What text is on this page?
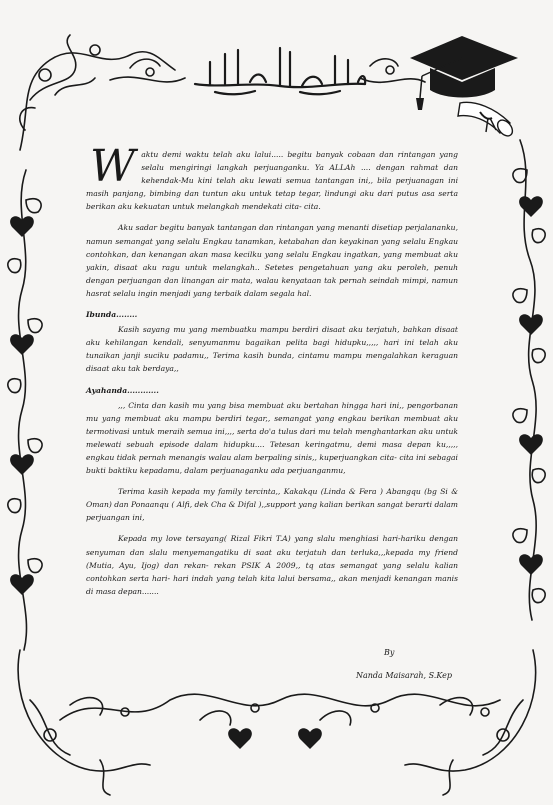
Waktu demi waktu telah aku lalui..... begitu banyak cobaan dan rintangan yang selalu mengiringi langkah perjuanganku. Ya ALLAh .... dengan rahmat dan kehendak-Mu kini telah aku lewati semua tantangan ini,, bila perjuanagan ini masih panjang, bimbing dan tuntun aku untuk tetap tegar, lindungi aku dari putus asa serta berikan aku kekuatan untuk melangkah mendekati cita- cita.

Aku sadar begitu banyak tantangan dan rintangan yang menanti disetiap perjalananku, namun semangat yang selalu Engkau tanamkan, ketabahan dan keyakinan yang selalu Engkau contohkan, dan kenangan akan masa kecilku yang selalu Engkau ingatkan, yang membuat aku yakin, disaat aku ragu untuk melangkah.. Setetes pengetahuan yang aku peroleh, penuh dengan perjuangan dan linangan air mata, walau kenyataan tak pernah seindah mimpi, namun hasrat selalu ingin menjadi yang terbaik dalam segala hal.

Ibunda........

Kasih sayang mu yang membuatku mampu berdiri disaat aku terjatuh, bahkan disaat aku kehilangan kendali, senyumanmu bagaikan pelita bagi hidupku,,,,, hari ini telah aku tunaikan janji suciku padamu,, Terima kasih bunda, cintamu mampu mengalahkan keraguan disaat aku tak berdaya,,

Ayahanda............

,,, Cinta dan kasih mu yang bisa membuat aku bertahan hingga hari ini,, pengorbanan mu yang membuat aku mampu berdiri tegar,, semangat yang engkau berikan membuat aku termotivasi untuk meraih semua ini,,,, serta do'a tulus dari mu telah menghantarkan aku untuk melewati sebuah episode dalam hidupku.... Tetesan keringatmu, demi masa depan ku,,,,, engkau tidak pernah menangis walau alam berpaling sinis,, kuperjuangkan cita- cita ini sebagai bukti baktiku kepadamu, dalam perjuanaganku ada perjuanganmu,

Terima kasih kepada my family tercinta,, Kakakqu (Linda & Fera ) Abangqu (bg Si & Oman) dan Ponaanqu ( Alfi, dek Cha & Difal ),,support yang kalian berikan sangat berarti dalam perjuangan ini,

Kepada my love tersayang( Rizal Fikri T.A) yang slalu menghiasi hari-hariku dengan senyuman dan slalu menyemangatiku di saat aku terjatuh dan terluka,,,kepada my friend (Mutia, Ayu, Ijog) dan rekan- rekan PSIK A 2009,, tq atas semangat yang selalu kalian contohkan serta hari- hari indah yang telah kita lalui bersama,, akan menjadi kenangan manis di masa depan.......

By
Nanda Maisarah, S.Kep
